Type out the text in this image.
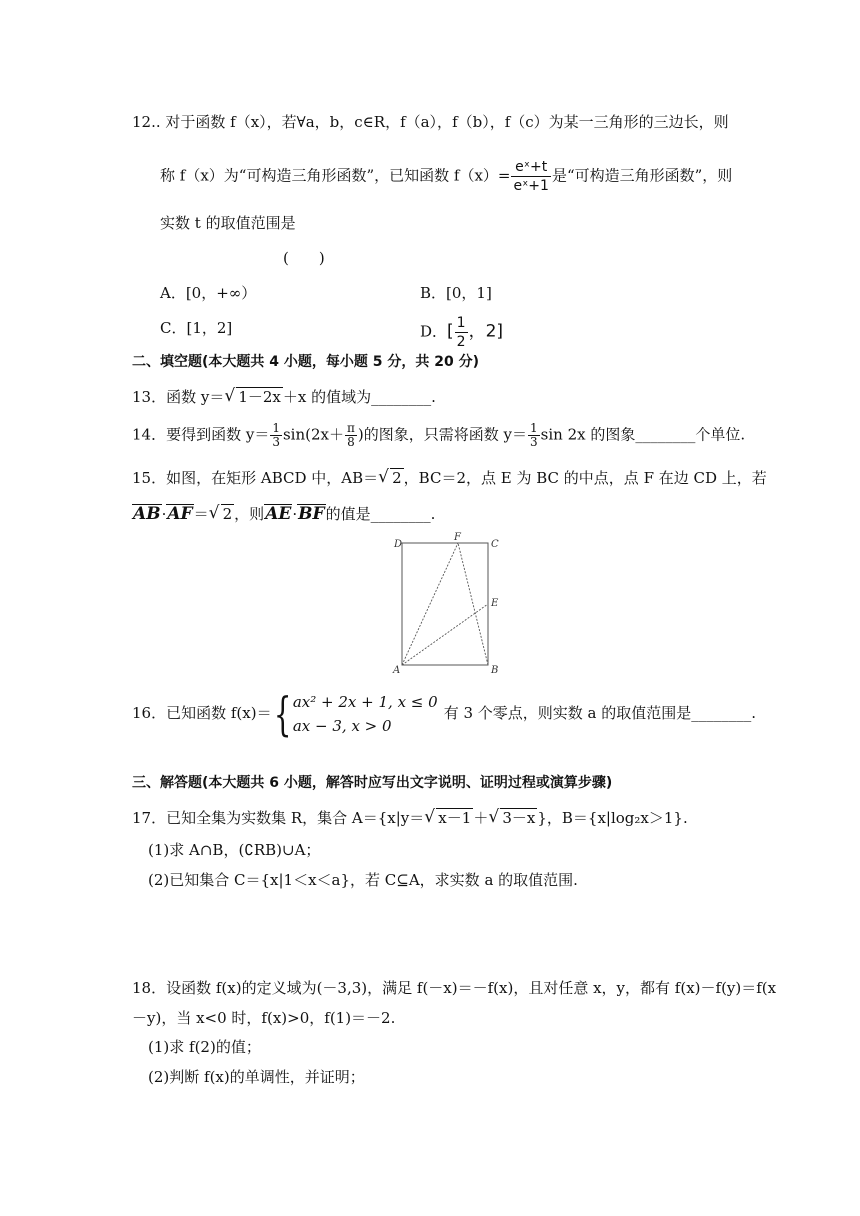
12.. 对于函数 f（x），若∀a，b，c∈R，f（a），f（b），f（c）为某一三角形的三边长，则
称 f（x）为“可构造三角形函数”，已知函数 $f(x)= \frac{\text{eˣ+t}}{\text{eˣ+1}}$ 是“可构造三角形函数”，则
实数 t 的取值范围是
(　　)
A．[0，+∞）	B．[0，1]
C．[1，2]	D．[ $\frac{1}{2}$ ，2]
二、填空题(本大题共 4 小题，每小题 5 分，共 20 分)
13．函数 y＝ √ 1－2x ＋x 的值域为________.
14．要得到函数 $y= \frac{1}{3} \sin(2x+ \frac{\pi}{8}$ )的图象，只需将函数 $y= \frac{1}{3}$ sin 2x 的图象________个单位.
15．如图，在矩形 ABCD 中，AB＝ √ 2 ，BC＝2，点 E 为 BC 的中点，点 F 在边 CD 上，若
AB·AF＝ √ 2 ，则AE·BF的值是________.
D
F
C
E
A	B
16．已知函数 f(x)＝{ ax² + 2x + 1, x ≤ 0
ax − 3, x > 0
有 3 个零点，则实数 a 的取值范围是________.
三、解答题(本大题共 6 小题，解答时应写出文字说明、证明过程或演算步骤)
17．已知全集为实数集 R，集合 A＝{x|y＝ √ x－1 ＋ √ 3－x }，B＝{x|log₂x＞1}.
(1)求 A∩B，(∁RB)∪A；
(2)已知集合 C＝{x|1＜x＜a}，若 C⊆A，求实数 a 的取值范围.
18．设函数 f(x)的定义域为(－3,3)，满足 f(－x)＝－f(x)，且对任意 x，y，都有 f(x)－f(y)＝f(x
－y)，当 x<0 时，f(x)>0，f(1)＝－2.
(1)求 f(2)的值；
(2)判断 f(x)的单调性，并证明；
